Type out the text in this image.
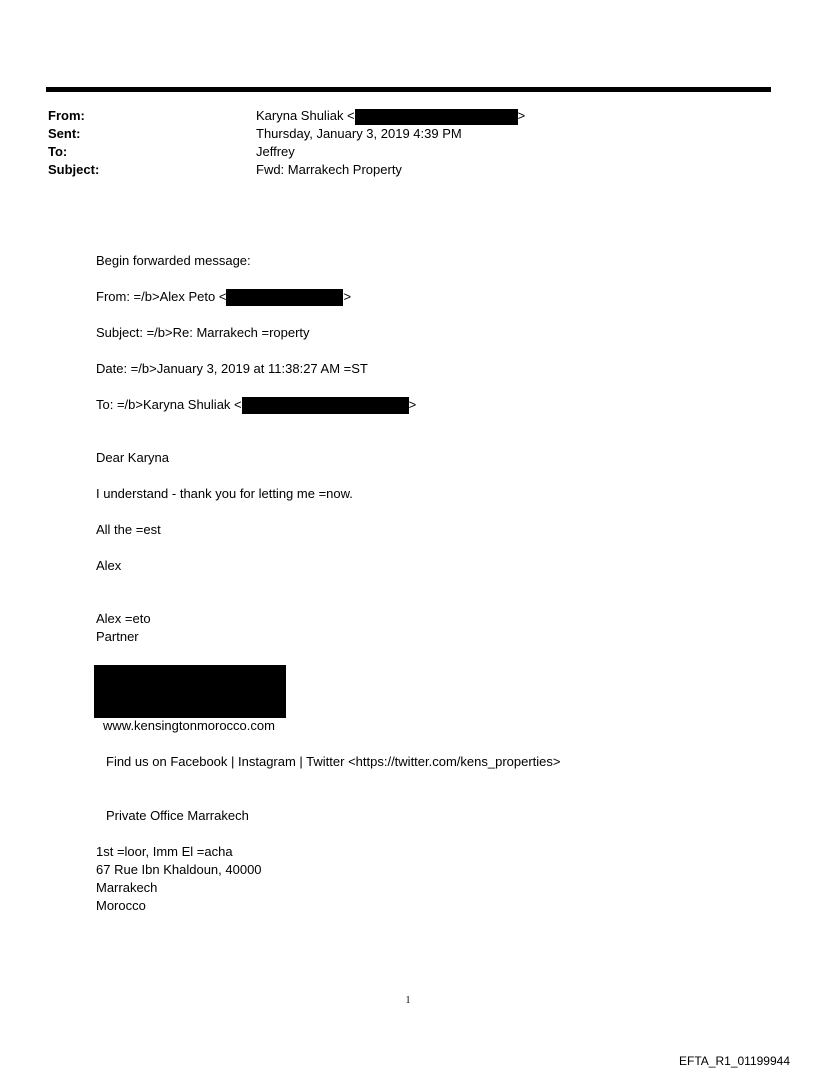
From:	Karyna Shuliak <	>
Sent:	Thursday, January 3, 2019 4:39 PM
To:	Jeffrey
Subject:	Fwd: Marrakech Property
Begin forwarded message:
From: =/b>Alex Peto <	>
Subject: =/b>Re: Marrakech =roperty
Date: =/b>January 3, 2019 at 11:38:27 AM =ST
To: =/b>Karyna Shuliak <	>
Dear Karyna
I understand - thank you for letting me =now.
All the =est
Alex
Alex =eto
Partner
www.kensingtonmorocco.com
Find us on Facebook | Instagram | Twitter <https://twitter.com/kens_properties>
Private Office Marrakech
1st =loor, Imm El =acha
67 Rue Ibn Khaldoun, 40000
Marrakech
Morocco
1
EFTA_R1_01199944
